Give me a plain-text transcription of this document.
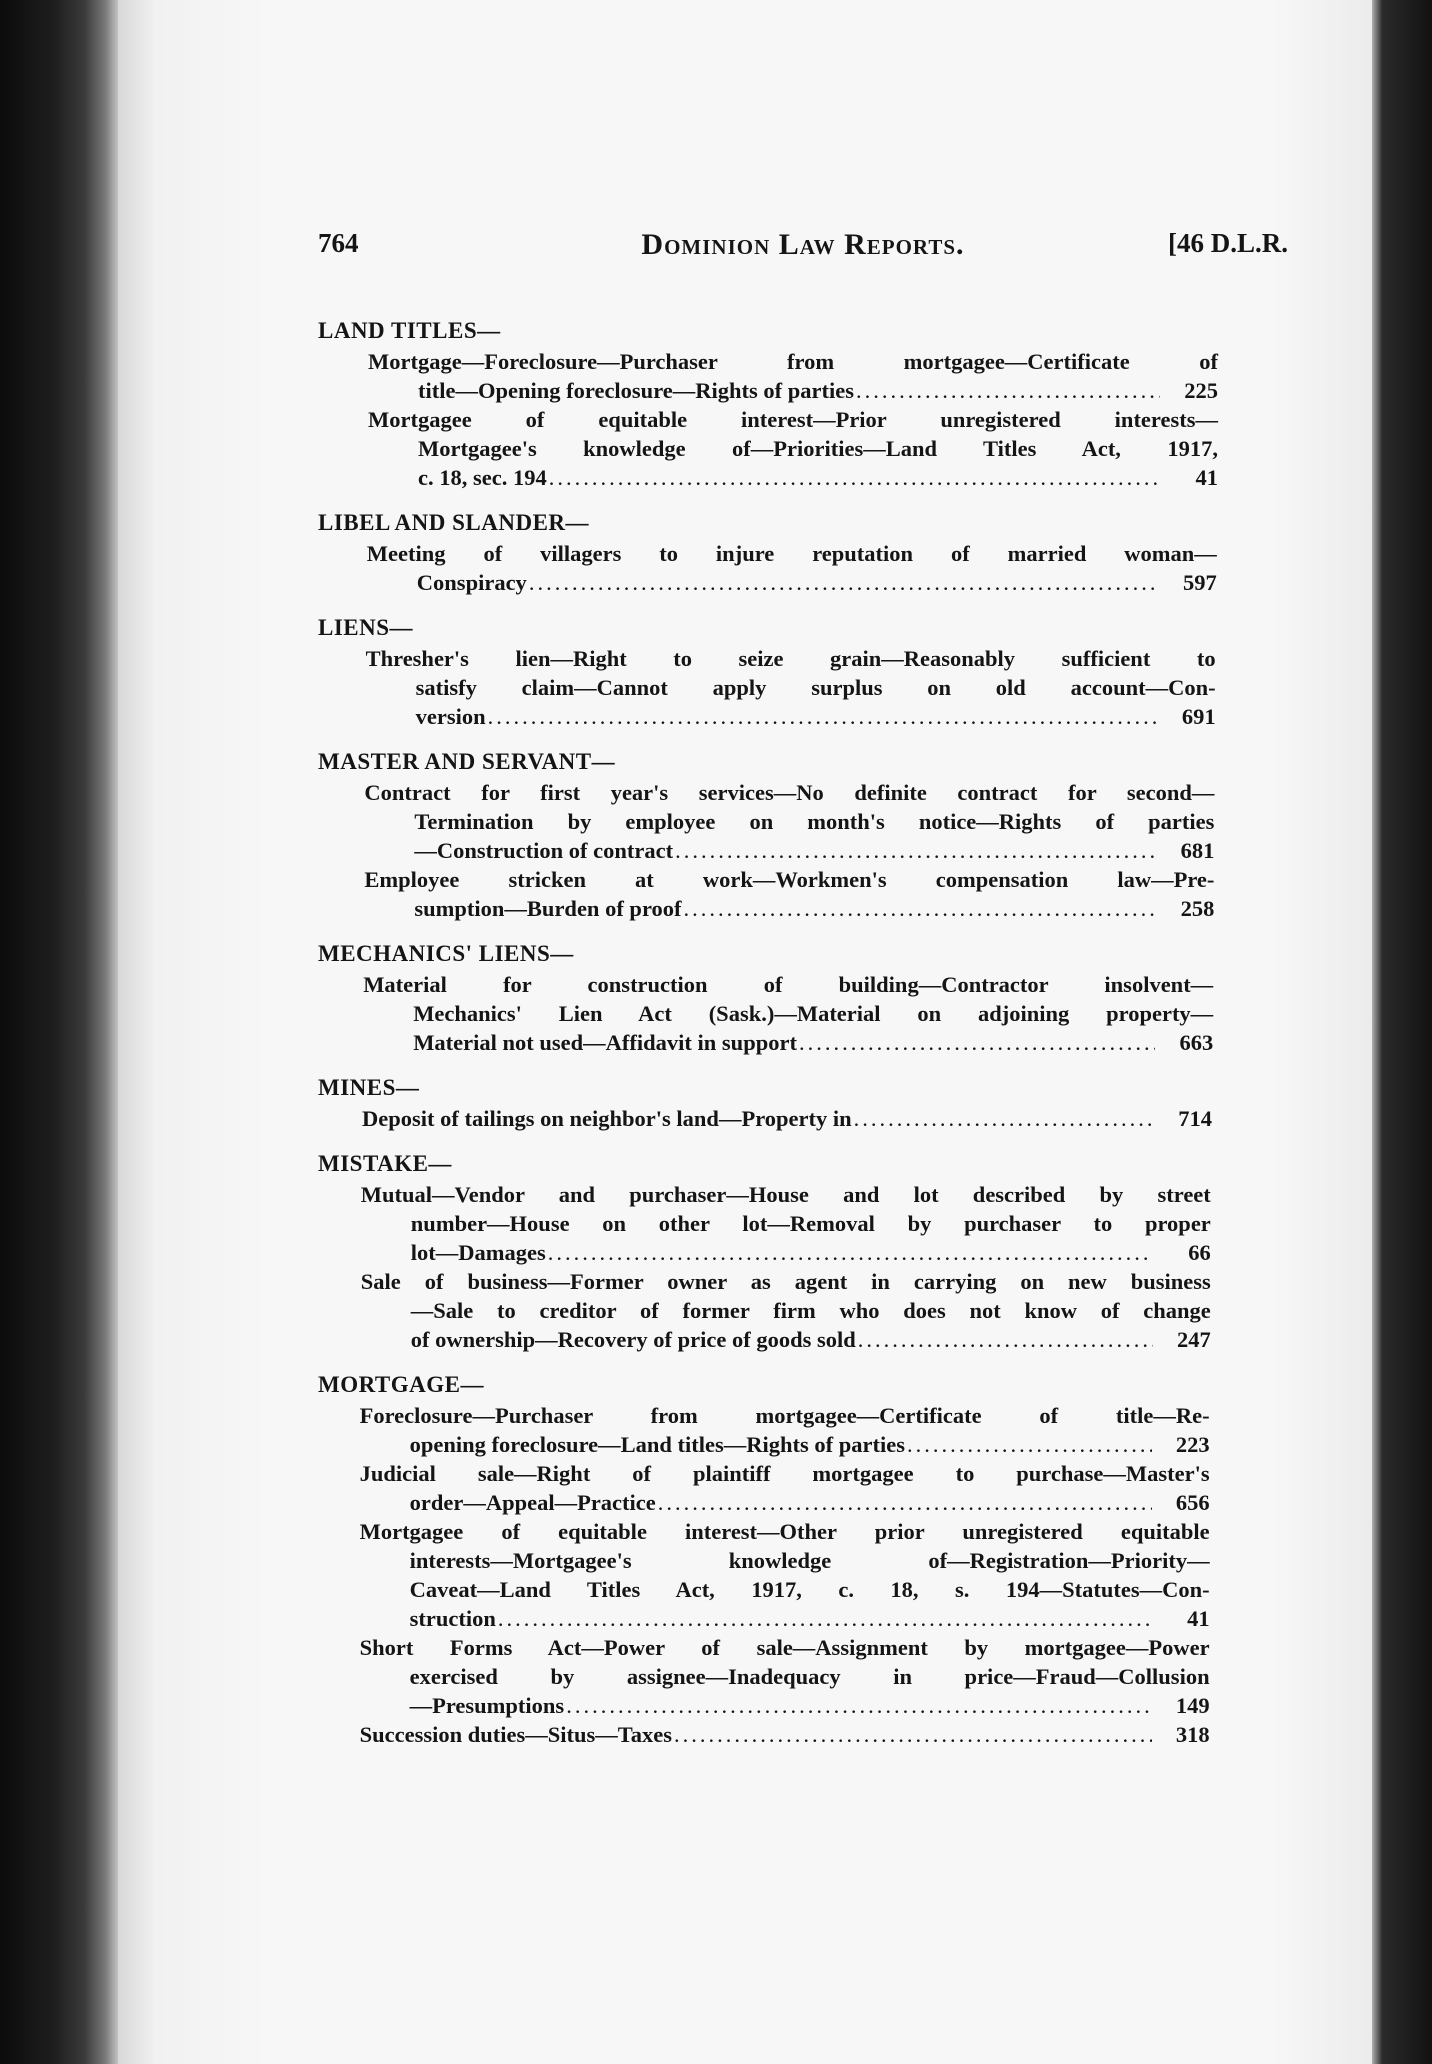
764	Dominion Law Reports.	[46 D.L.R.
LAND TITLES—
Mortgage—Foreclosure—Purchaser from mortgagee—Certificate of
title—Opening foreclosure—Rights of parties .....	225
Mortgagee of equitable interest—Prior unregistered interests—
Mortgagee's knowledge of—Priorities—Land Titles Act, 1917,
c. 18, sec. 194 .....	41
LIBEL AND SLANDER—
Meeting of villagers to injure reputation of married woman—
Conspiracy .....	597
LIENS—
Thresher's lien—Right to seize grain—Reasonably sufficient to
satisfy claim—Cannot apply surplus on old account—Con-
version .....	691
MASTER AND SERVANT—
Contract for first year's services—No definite contract for second—
Termination by employee on month's notice—Rights of parties
—Construction of contract .....	681
Employee stricken at work—Workmen's compensation law—Pre-
sumption—Burden of proof .....	258
MECHANICS' LIENS—
Material for construction of building—Contractor insolvent—
Mechanics' Lien Act (Sask.)—Material on adjoining property—
Material not used—Affidavit in support .....	663
MINES—
Deposit of tailings on neighbor's land—Property in .....	714
MISTAKE—
Mutual—Vendor and purchaser—House and lot described by street
number—House on other lot—Removal by purchaser to proper
lot—Damages .....	66
Sale of business—Former owner as agent in carrying on new business
—Sale to creditor of former firm who does not know of change
of ownership—Recovery of price of goods sold .....	247
MORTGAGE—
Foreclosure—Purchaser from mortgagee—Certificate of title—Re-
opening foreclosure—Land titles—Rights of parties .....	223
Judicial sale—Right of plaintiff mortgagee to purchase—Master's
order—Appeal—Practice .....	656
Mortgagee of equitable interest—Other prior unregistered equitable
interests—Mortgagee's knowledge of—Registration—Priority—
Caveat—Land Titles Act, 1917, c. 18, s. 194—Statutes—Con-
struction .....	41
Short Forms Act—Power of sale—Assignment by mortgagee—Power
exercised by assignee—Inadequacy in price—Fraud—Collusion
—Presumptions .....	149
Succession duties—Situs—Taxes .....	318
